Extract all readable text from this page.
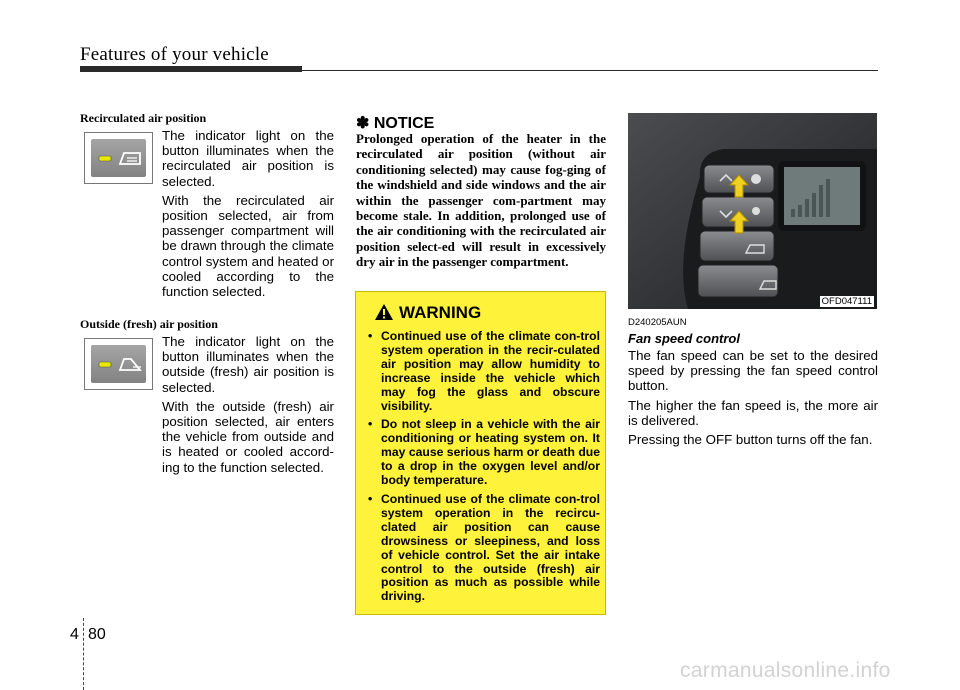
Features of your vehicle
Recirculated air position

The indicator light on the button illuminates when the recirculated air position is selected.

With the recirculated air position selected, air from passenger compartment will be drawn through the climate control system and heated or cooled according to the function selected.

Outside (fresh) air position

The indicator light on the button illuminates when the outside (fresh) air position is selected.

With the outside (fresh) air position selected, air enters the vehicle from outside and is heated or cooled accord-ing to the function selected.

✽ NOTICE
Prolonged operation of the heater in the recirculated air position (without air conditioning selected) may cause fog-ging of the windshield and side windows and the air within the passenger com-partment may become stale. In addition, prolonged use of the air conditioning with the recirculated air position select-ed will result in excessively dry air in the passenger compartment.
WARNING
• Continued use of the climate con-trol system operation in the recir-culated air position may allow humidity to increase inside the vehicle which may fog the glass and obscure visibility.
• Do not sleep in a vehicle with the air conditioning or heating system on. It may cause serious harm or death due to a drop in the oxygen level and/or body temperature.
• Continued use of the climate con-trol system operation in the recircu-clated air position can cause drowsiness or sleepiness, and loss of vehicle control. Set the air intake control to the outside (fresh) air position as much as possible while driving.
OFD047111
D240205AUN
Fan speed control

The fan speed can be set to the desired speed by pressing the fan speed control button.

The higher the fan speed is, the more air is delivered.

Pressing the OFF button turns off the fan.

4 80
carmanualsonline.info
